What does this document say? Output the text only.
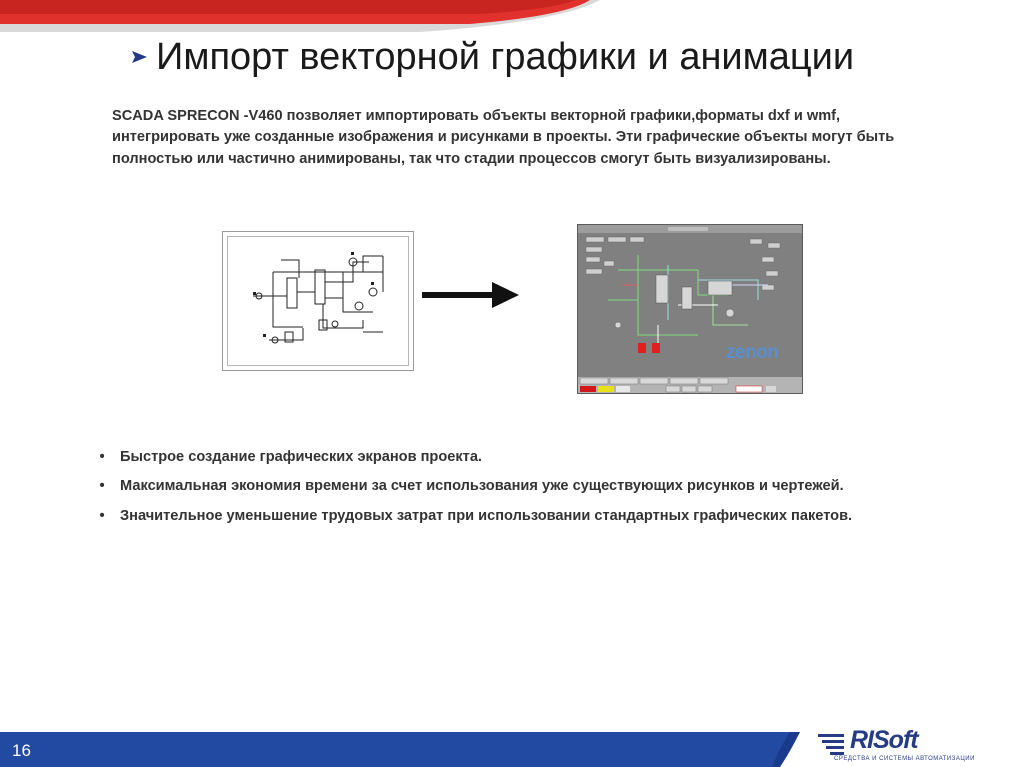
Импорт векторной графики и анимации

SCADA SPRECON -V460 позволяет импортировать объекты векторной графики,форматы dxf и wmf, интегрировать уже созданные изображения и рисунками в проекты. Эти графические объекты могут быть полностью или частично анимированы, так что стадии процессов смогут быть визуализированы.

zenon
• Быстрое создание графических экранов проекта.
• Максимальная экономия времени за счет использования уже существующих рисунков и чертежей.
• Значительное уменьшение трудовых затрат при использовании стандартных графических пакетов.
16	RISoft
СРЕДСТВА И СИСТЕМЫ АВТОМАТИЗАЦИИ
